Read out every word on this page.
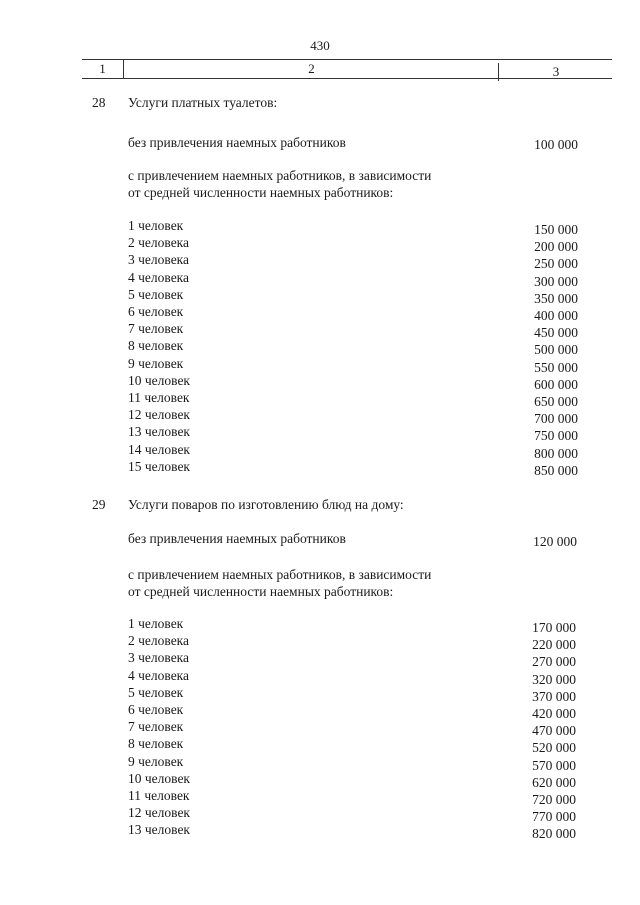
430
1	2	3
28 Услуги платных туалетов:
без привлечения наемных работников	100 000
с привлечением наемных работников, в зависимости
от средней численности наемных работников:
1 человек	150 000
2 человека	200 000
3 человека	250 000
4 человека	300 000
5 человек	350 000
6 человек	400 000
7 человек	450 000
8 человек	500 000
9 человек	550 000
10 человек	600 000
11 человек	650 000
12 человек	700 000
13 человек	750 000
14 человек	800 000
15 человек	850 000
29 Услуги поваров по изготовлению блюд на дому:
без привлечения наемных работников	120 000
с привлечением наемных работников, в зависимости
от средней численности наемных работников:
1 человек	170 000
2 человека	220 000
3 человека	270 000
4 человека	320 000
5 человек	370 000
6 человек	420 000
7 человек	470 000
8 человек	520 000
9 человек	570 000
10 человек	620 000
11 человек	720 000
12 человек	770 000
13 человек	820 000
